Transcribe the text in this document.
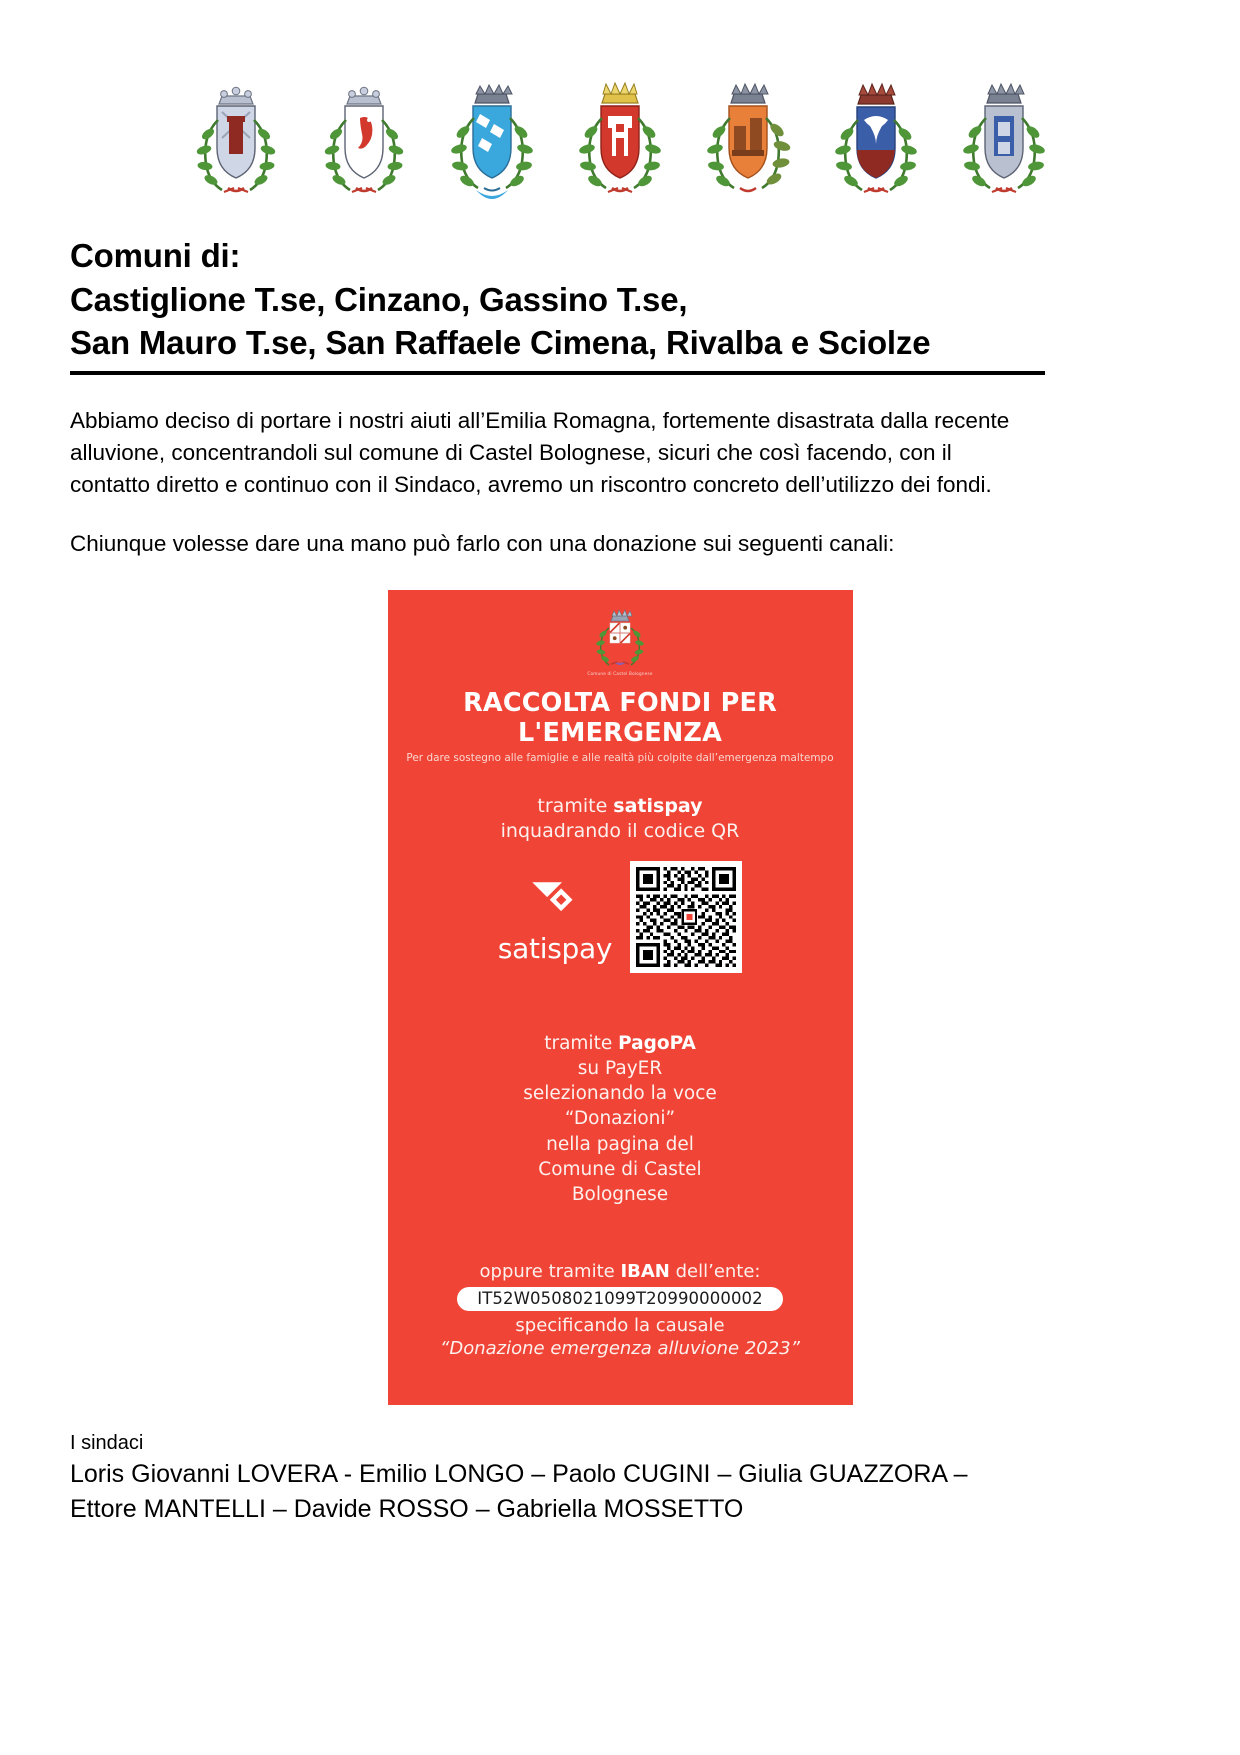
Comuni di:
Castiglione T.se, Cinzano, Gassino T.se,
San Mauro T.se, San Raffaele Cimena, Rivalba e Sciolze

Abbiamo deciso di portare i nostri aiuti all’Emilia Romagna, fortemente disastrata dalla recente alluvione, concentrandoli sul comune di Castel Bolognese, sicuri che così facendo, con il contatto diretto e continuo con il Sindaco, avremo un riscontro concreto dell’utilizzo dei fondi.

Chiunque volesse dare una mano può farlo con una donazione sui seguenti canali:

Comune di Castel Bolognese
RACCOLTA FONDI PER L'EMERGENZA
Per dare sostegno alle famiglie e alle realtà più colpite dall’emergenza maltempo
tramite satispay
inquadrando il codice QR
satispay
tramite PagoPA
su PayER
selezionando la voce
“Donazioni”
nella pagina del
Comune di Castel
Bolognese
oppure tramite IBAN dell’ente:
IT52W0508021099T20990000002
specificando la causale
“Donazione emergenza alluvione 2023”
I sindaci
Loris Giovanni LOVERA - Emilio LONGO – Paolo CUGINI – Giulia GUAZZORA –
Ettore MANTELLI – Davide ROSSO – Gabriella MOSSETTO
